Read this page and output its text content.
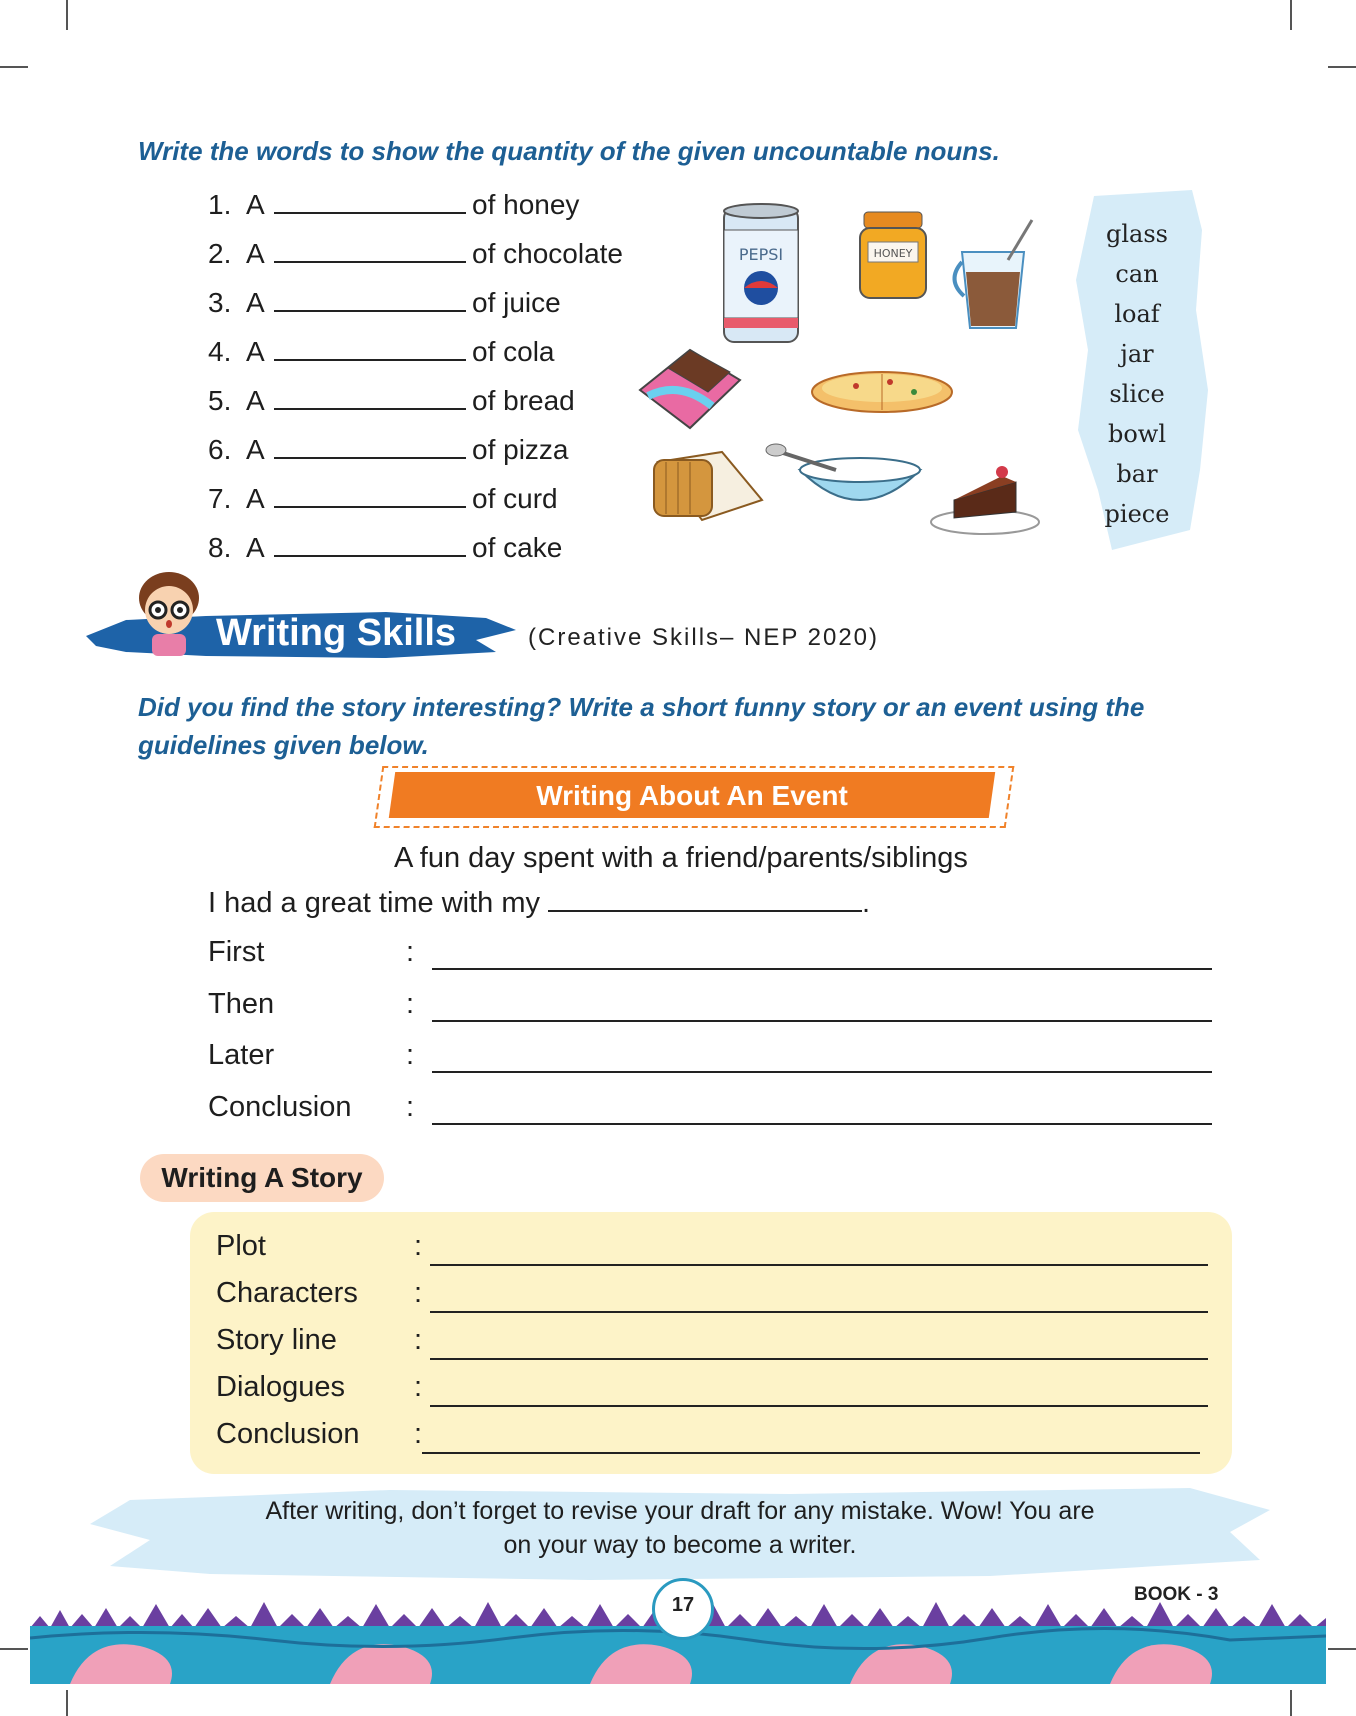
Write the words to show the quantity of the given uncountable nouns.
1. A	of honey
2. A	of chocolate
3. A	of juice
4. A	of cola
5. A	of bread
6. A	of pizza
7. A	of curd
8. A	of cake
PEPSI	HONEY
glass
can
loaf
jar
slice
bowl
bar
piece
Writing Skills	(Creative Skills– NEP 2020)
Did you find the story interesting? Write a short funny story or an event using the guidelines given below.
Writing About An Event
A fun day spent with a friend/parents/siblings
I had a great time with my	.
First	:
Then	:
Later	:
Conclusion :
Writing A Story
Plot	:
Characters :
Story line	:
Dialogues :
Conclusion :
After writing, don’t forget to revise your draft for any mistake. Wow! You are on your way to become a writer.
17	BOOK - 3
